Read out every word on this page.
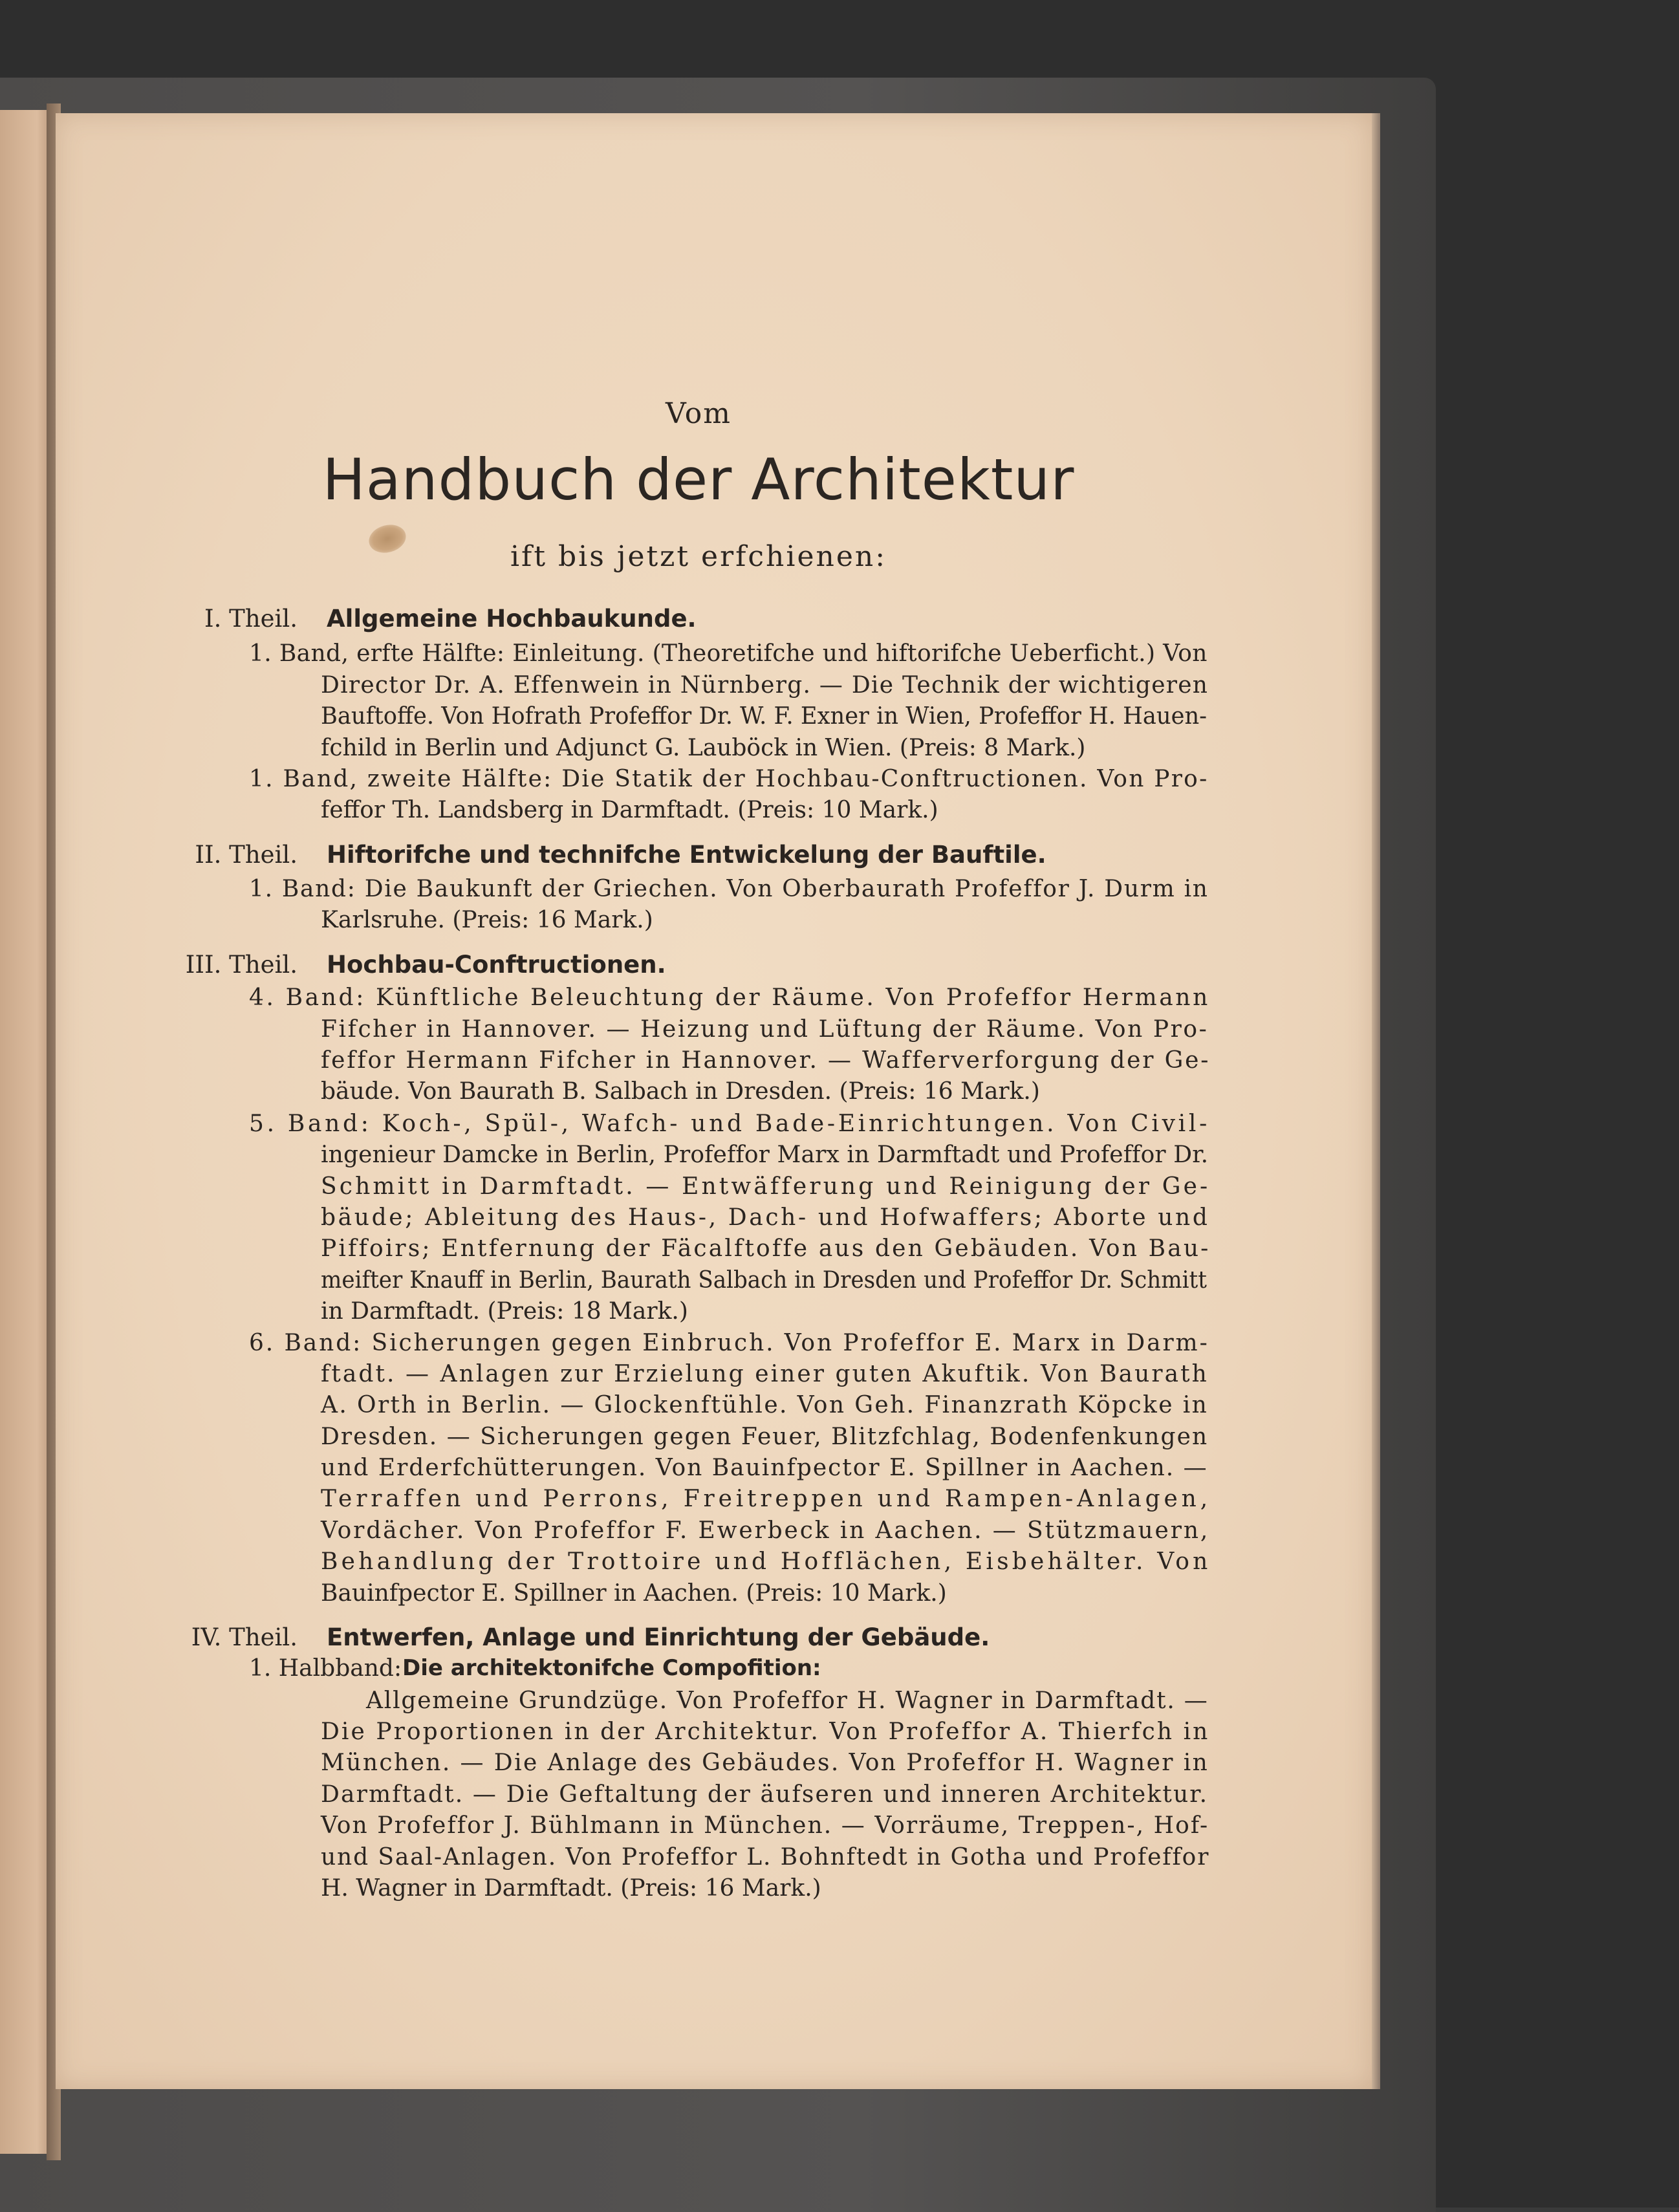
Vom
Handbuch der Architektur
ift bis jetzt erfchienen:
I. Theil. Allgemeine Hochbaukunde.
1. Band, erfte Hälfte: Einleitung. (Theoretifche und hiftorifche Ueberficht.) Von
Director Dr. A. Effenwein in Nürnberg. — Die Technik der wichtigeren
Bauftoffe. Von Hofrath Profeffor Dr. W. F. Exner in Wien, Profeffor H. Hauen-
fchild in Berlin und Adjunct G. Lauböck in Wien. (Preis: 8 Mark.)
1. Band, zweite Hälfte: Die Statik der Hochbau-Conftructionen. Von Pro-
feffor Th. Landsberg in Darmftadt. (Preis: 10 Mark.)
II. Theil. Hiftorifche und technifche Entwickelung der Bauftile.
1. Band: Die Baukunft der Griechen. Von Oberbaurath Profeffor J. Durm in
Karlsruhe. (Preis: 16 Mark.)
III. Theil. Hochbau-Conftructionen.
4. Band: Künftliche Beleuchtung der Räume. Von Profeffor Hermann
Fifcher in Hannover. — Heizung und Lüftung der Räume. Von Pro-
feffor Hermann Fifcher in Hannover. — Wafferverforgung der Ge-
bäude. Von Baurath B. Salbach in Dresden. (Preis: 16 Mark.)
5. Band: Koch-, Spül-, Wafch- und Bade-Einrichtungen. Von Civil-
ingenieur Damcke in Berlin, Profeffor Marx in Darmftadt und Profeffor Dr.
Schmitt in Darmftadt. — Entwäfferung und Reinigung der Ge-
bäude; Ableitung des Haus-, Dach- und Hofwaffers; Aborte und
Piffoirs; Entfernung der Fäcalftoffe aus den Gebäuden. Von Bau-
meifter Knauff in Berlin, Baurath Salbach in Dresden und Profeffor Dr. Schmitt
in Darmftadt. (Preis: 18 Mark.)
6. Band: Sicherungen gegen Einbruch. Von Profeffor E. Marx in Darm-
ftadt. — Anlagen zur Erzielung einer guten Akuftik. Von Baurath
A. Orth in Berlin. — Glockenftühle. Von Geh. Finanzrath Köpcke in
Dresden. — Sicherungen gegen Feuer, Blitzfchlag, Bodenfenkungen
und Erderfchütterungen. Von Bauinfpector E. Spillner in Aachen. —
Terraffen und Perrons, Freitreppen und Rampen-Anlagen,
Vordächer. Von Profeffor F. Ewerbeck in Aachen. — Stützmauern,
Behandlung der Trottoire und Hofflächen, Eisbehälter. Von
Bauinfpector E. Spillner in Aachen. (Preis: 10 Mark.)
IV. Theil. Entwerfen, Anlage und Einrichtung der Gebäude.
1. Halbband: Die architektonifche Compofition:
Allgemeine Grundzüge. Von Profeffor H. Wagner in Darmftadt. —
Die Proportionen in der Architektur. Von Profeffor A. Thierfch in
München. — Die Anlage des Gebäudes. Von Profeffor H. Wagner in
Darmftadt. — Die Geftaltung der äufseren und inneren Architektur.
Von Profeffor J. Bühlmann in München. — Vorräume, Treppen-, Hof-
und Saal-Anlagen. Von Profeffor L. Bohnftedt in Gotha und Profeffor
H. Wagner in Darmftadt. (Preis: 16 Mark.)
